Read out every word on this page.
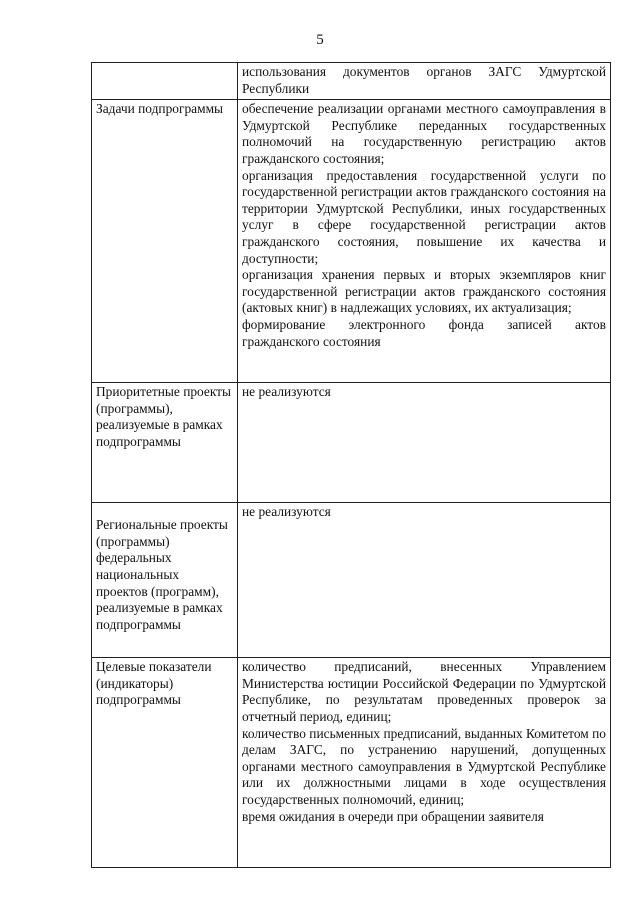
5

	использования документов органов ЗАГС Удмуртской Республики

Задачи подпрограммы	обеспечение реализации органами местного самоуправления в Удмуртской Республике переданных государственных полномочий на государственную регистрацию актов гражданского состояния;
организация предоставления государственной услуги по государственной регистрации актов гражданского состояния на территории Удмуртской Республики, иных государственных услуг в сфере государственной регистрации актов гражданского состояния, повышение их качества и доступности;
организация хранения первых и вторых экземпляров книг государственной регистрации актов гражданского состояния (актовых книг) в надлежащих условиях, их актуализация;
формирование электронного фонда записей актов гражданского состояния

Приоритетные проекты (программы), реализуемые в рамках подпрограммы	не реализуются

Региональные проекты (программы) федеральных национальных проектов (программ), реализуемые в рамках подпрограммы	не реализуются

Целевые показатели (индикаторы) подпрограммы	количество предписаний, внесенных Управлением Министерства юстиции Российской Федерации по Удмуртской Республике, по результатам проведенных проверок за отчетный период, единиц;
количество письменных предписаний, выданных Комитетом по делам ЗАГС, по устранению нарушений, допущенных органами местного самоуправления в Удмуртской Республике или их должностными лицами в ходе осуществления государственных полномочий, единиц;
время ожидания в очереди при обращении заявителя
